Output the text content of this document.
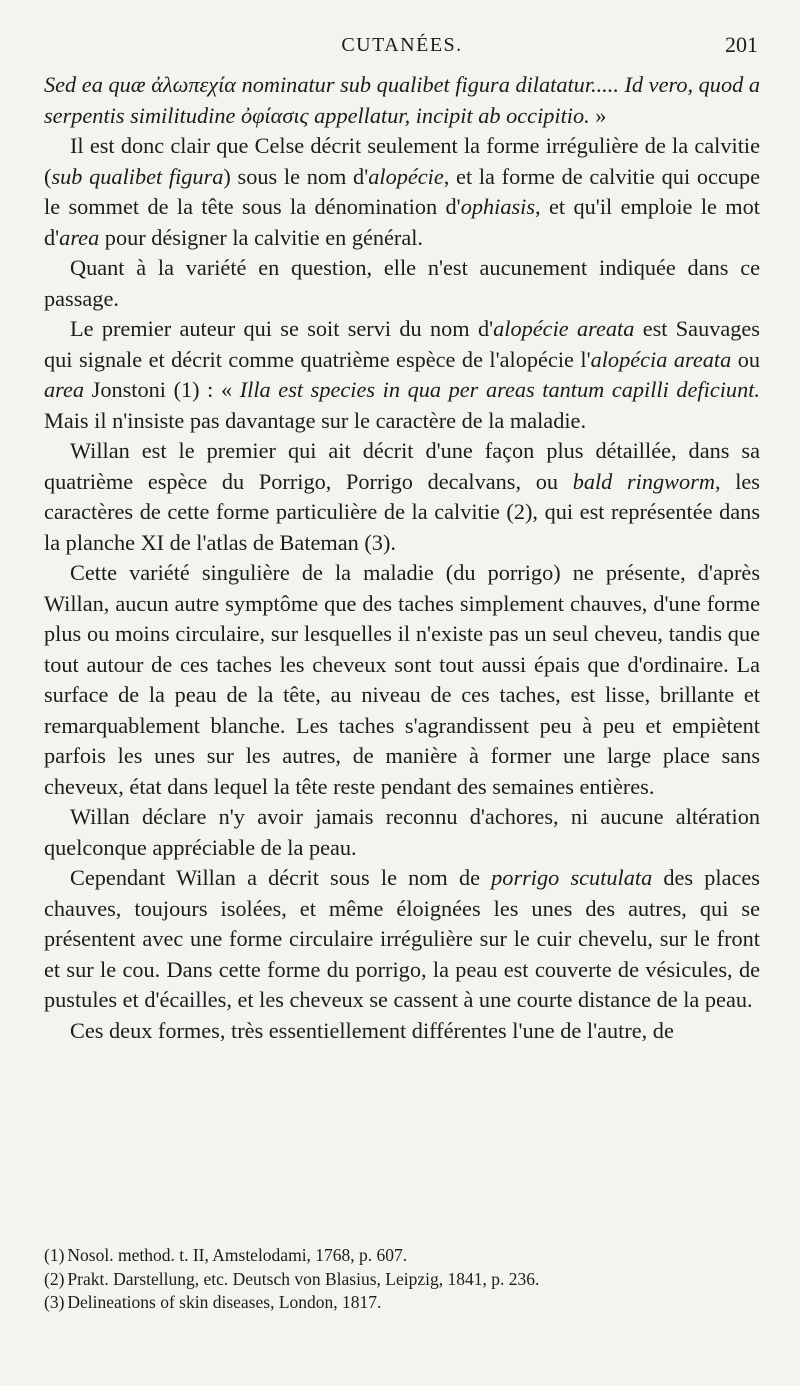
CUTANÉES.	201

Sed ea quæ ἀλωπεχία nominatur sub qualibet figura dilatatur..... Id vero, quod a serpentis similitudine ὀφίασις appellatur, incipit ab occipitio. »

Il est donc clair que Celse décrit seulement la forme irrégulière de la calvitie (sub qualibet figura) sous le nom d'alopécie, et la forme de calvitie qui occupe le sommet de la tête sous la dénomination d'ophiasis, et qu'il emploie le mot d'area pour désigner la calvitie en général.

Quant à la variété en question, elle n'est aucunement indiquée dans ce passage.

Le premier auteur qui se soit servi du nom d'alopécie areata est Sauvages qui signale et décrit comme quatrième espèce de l'alopécie l'alopécia areata ou area Jonstoni (1) : « Illa est species in qua per areas tantum capilli deficiunt. Mais il n'insiste pas davantage sur le caractère de la maladie.

Willan est le premier qui ait décrit d'une façon plus détaillée, dans sa quatrième espèce du Porrigo, Porrigo decalvans, ou bald ringworm, les caractères de cette forme particulière de la calvitie (2), qui est représentée dans la planche XI de l'atlas de Bateman (3).

Cette variété singulière de la maladie (du porrigo) ne présente, d'après Willan, aucun autre symptôme que des taches simplement chauves, d'une forme plus ou moins circulaire, sur lesquelles il n'existe pas un seul cheveu, tandis que tout autour de ces taches les cheveux sont tout aussi épais que d'ordinaire. La surface de la peau de la tête, au niveau de ces taches, est lisse, brillante et remarquablement blanche. Les taches s'agrandissent peu à peu et empiètent parfois les unes sur les autres, de manière à former une large place sans cheveux, état dans lequel la tête reste pendant des semaines entières.

Willan déclare n'y avoir jamais reconnu d'achores, ni aucune altération quelconque appréciable de la peau.

Cependant Willan a décrit sous le nom de porrigo scutulata des places chauves, toujours isolées, et même éloignées les unes des autres, qui se présentent avec une forme circulaire irrégulière sur le cuir chevelu, sur le front et sur le cou. Dans cette forme du porrigo, la peau est couverte de vésicules, de pustules et d'écailles, et les cheveux se cassent à une courte distance de la peau.

Ces deux formes, très essentiellement différentes l'une de l'autre, de

(1) Nosol. method. t. II, Amstelodami, 1768, p. 607.

(2) Prakt. Darstellung, etc. Deutsch von Blasius, Leipzig, 1841, p. 236.

(3) Delineations of skin diseases, London, 1817.
